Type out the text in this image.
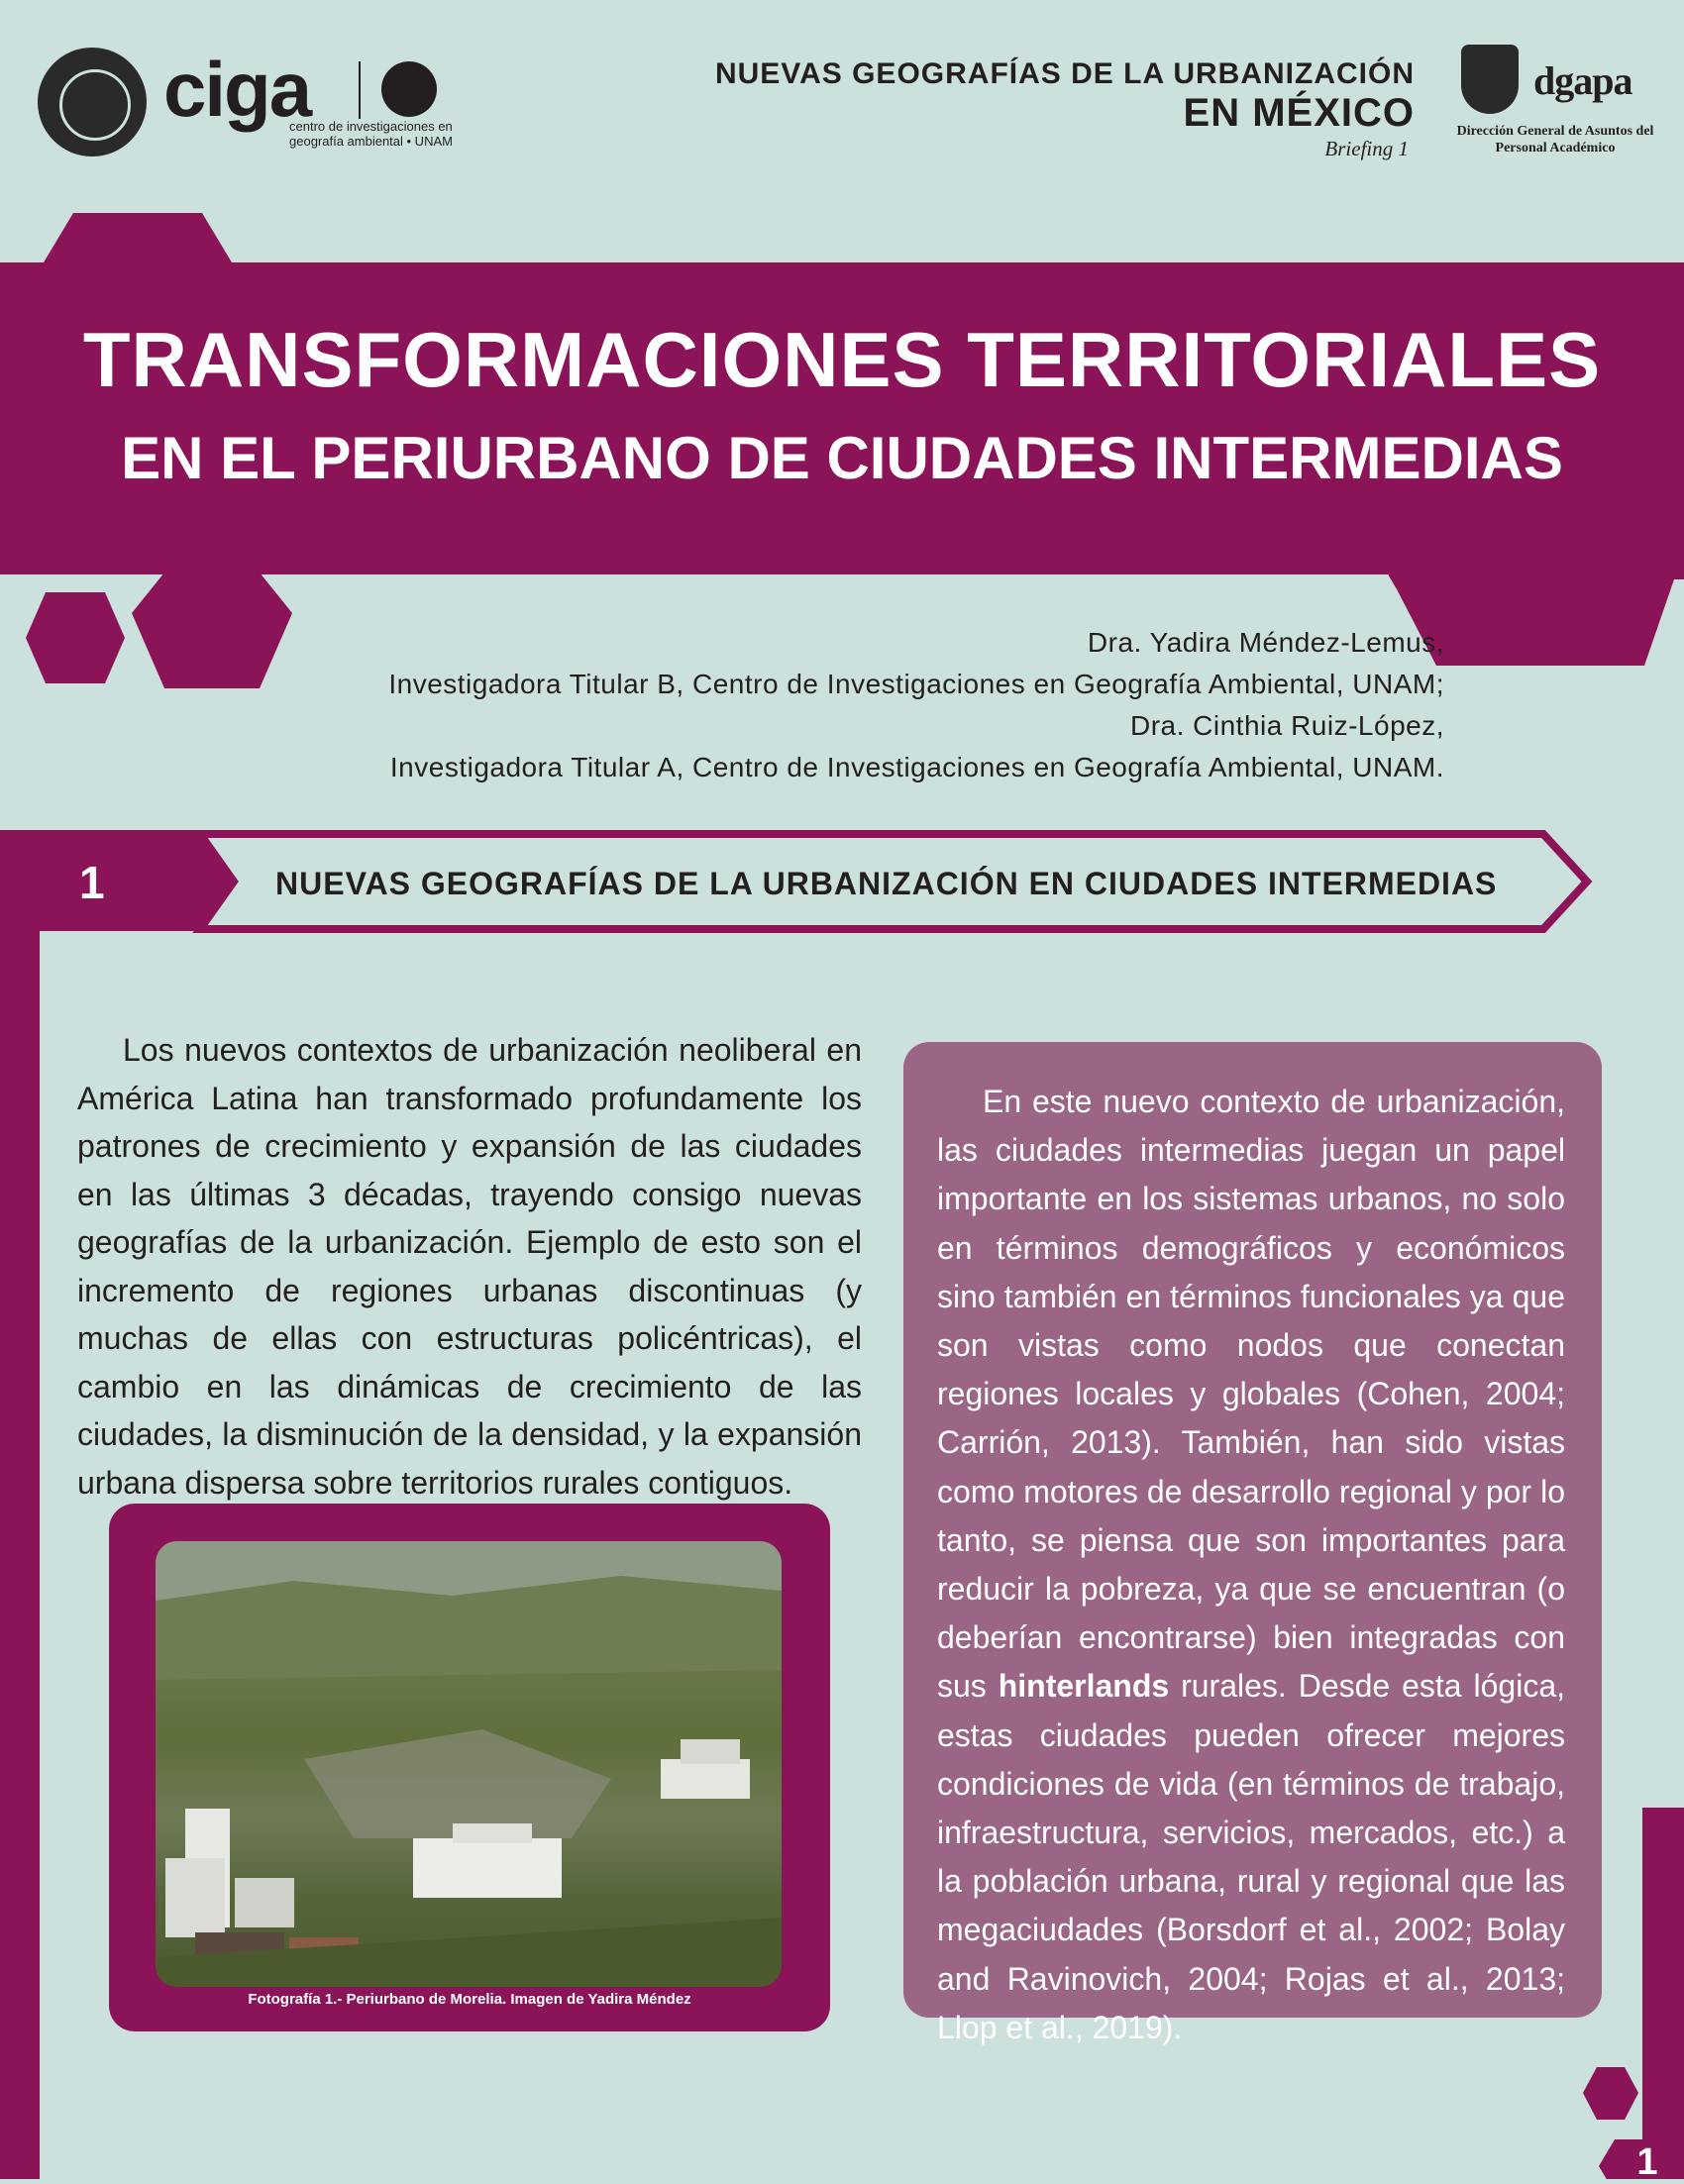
ciga
centro de investigaciones en geografía ambiental • UNAM
NUEVAS GEOGRAFÍAS DE LA URBANIZACIÓN
EN MÉXICO
Briefing 1
dgapa
Dirección General de Asuntos del Personal Académico
TRANSFORMACIONES TERRITORIALES
EN EL PERIURBANO DE CIUDADES INTERMEDIAS
Dra. Yadira Méndez-Lemus,
Investigadora Titular B, Centro de Investigaciones en Geografía Ambiental, UNAM;
Dra. Cinthia Ruiz-López,
Investigadora Titular A, Centro de Investigaciones en Geografía Ambiental, UNAM.
1	NUEVAS GEOGRAFÍAS DE LA URBANIZACIÓN EN CIUDADES INTERMEDIAS

Los nuevos contextos de urbanización neoliberal en América Latina han transformado profundamente los patrones de crecimiento y expansión de las ciudades en las últimas 3 décadas, trayendo consigo nuevas geografías de la urbanización. Ejemplo de esto son el incremento de regiones urbanas discontinuas (y muchas de ellas con estructuras policéntricas), el cambio en las dinámicas de crecimiento de las ciudades, la disminución de la densidad, y la expansión urbana dispersa sobre territorios rurales contiguos.

Fotografía 1.- Periurbano de Morelia. Imagen de Yadira Méndez

En este nuevo contexto de urbanización, las ciudades intermedias juegan un papel importante en los sistemas urbanos, no solo en términos demográficos y económicos sino también en términos funcionales ya que son vistas como nodos que conectan regiones locales y globales (Cohen, 2004; Carrión, 2013). También, han sido vistas como motores de desarrollo regional y por lo tanto, se piensa que son importantes para reducir la pobreza, ya que se encuentran (o deberían encontrarse) bien integradas con sus hinterlands rurales. Desde esta lógica, estas ciudades pueden ofrecer mejores condiciones de vida (en términos de trabajo, infraestructura, servicios, mercados, etc.) a la población urbana, rural y regional que las megaciudades (Borsdorf et al., 2002; Bolay and Ravinovich, 2004; Rojas et al., 2013; Llop et al., 2019).

1
